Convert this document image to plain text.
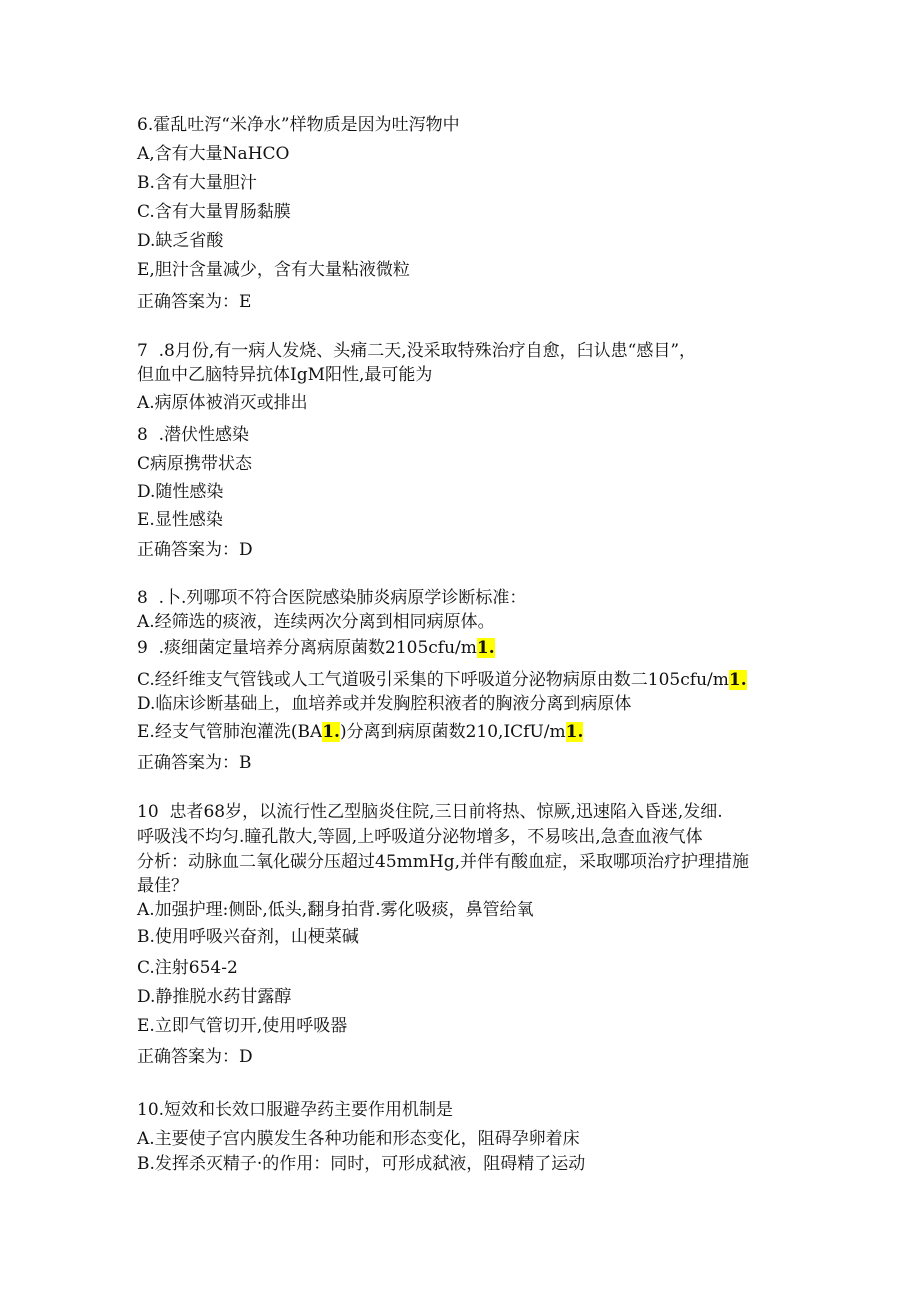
6.霍乱吐泻“米净水”样物质是因为吐泻物中
A,含有大量NaHCO
B.含有大量胆汁
C.含有大量胃肠黏膜
D.缺乏省酸
E,胆汁含量减少，含有大量粘液微粒
正确答案为：E
7  .8月份,有一病人发烧、头痛二天,没采取特殊治疗自愈，臼认患“感目”，
但血中乙脑特异抗体IgM阳性,最可能为
A.病原体被消灭或排出
8  .潜伏性感染
C病原携带状态
D.随性感染
E.显性感染
正确答案为：D
8  .卜.列哪项不符合医院感染肺炎病原学诊断标准：
A.经筛选的痰液，连续两次分离到相同病原体。
9  .痰细菌定量培养分离病原菌数2105cfu/m1.
C.经纤维支气管钱或人工气道吸引采集的下呼吸道分泌物病原由数二105cfu/m1.
D.临床诊断基础上，血培养或并发胸腔积液者的胸液分离到病原体
E.经支气管肺泡灌洗(BA1.)分离到病原菌数210,ICfU/m1.
正确答案为：B
10  忠者68岁，以流行性乙型脑炎住院,三日前将热、惊厥,迅速陷入昏迷,发细.
呼吸浅不均匀.瞳孔散大,等圆,上呼吸道分泌物增多，不易咳出,急查血液气体
分析：动脉血二氧化碳分压超过45mmHg,并伴有酸血症，采取哪项治疗护理措施
最佳？
A.加强护理:侧卧,低头,翻身拍背.雾化吸痰，鼻管给氧
B.使用呼吸兴奋剂，山梗菜碱
C.注射654-2
D.静推脱水药甘露醇
E.立即气管切开,使用呼吸器
正确答案为：D
10.短效和长效口服避孕药主要作用机制是
A.主要使子宫内膜发生各种功能和形态变化，阻碍孕卵着床
B.发挥杀灭精子·的作用：同时，可形成弑液，阻碍精了运动
